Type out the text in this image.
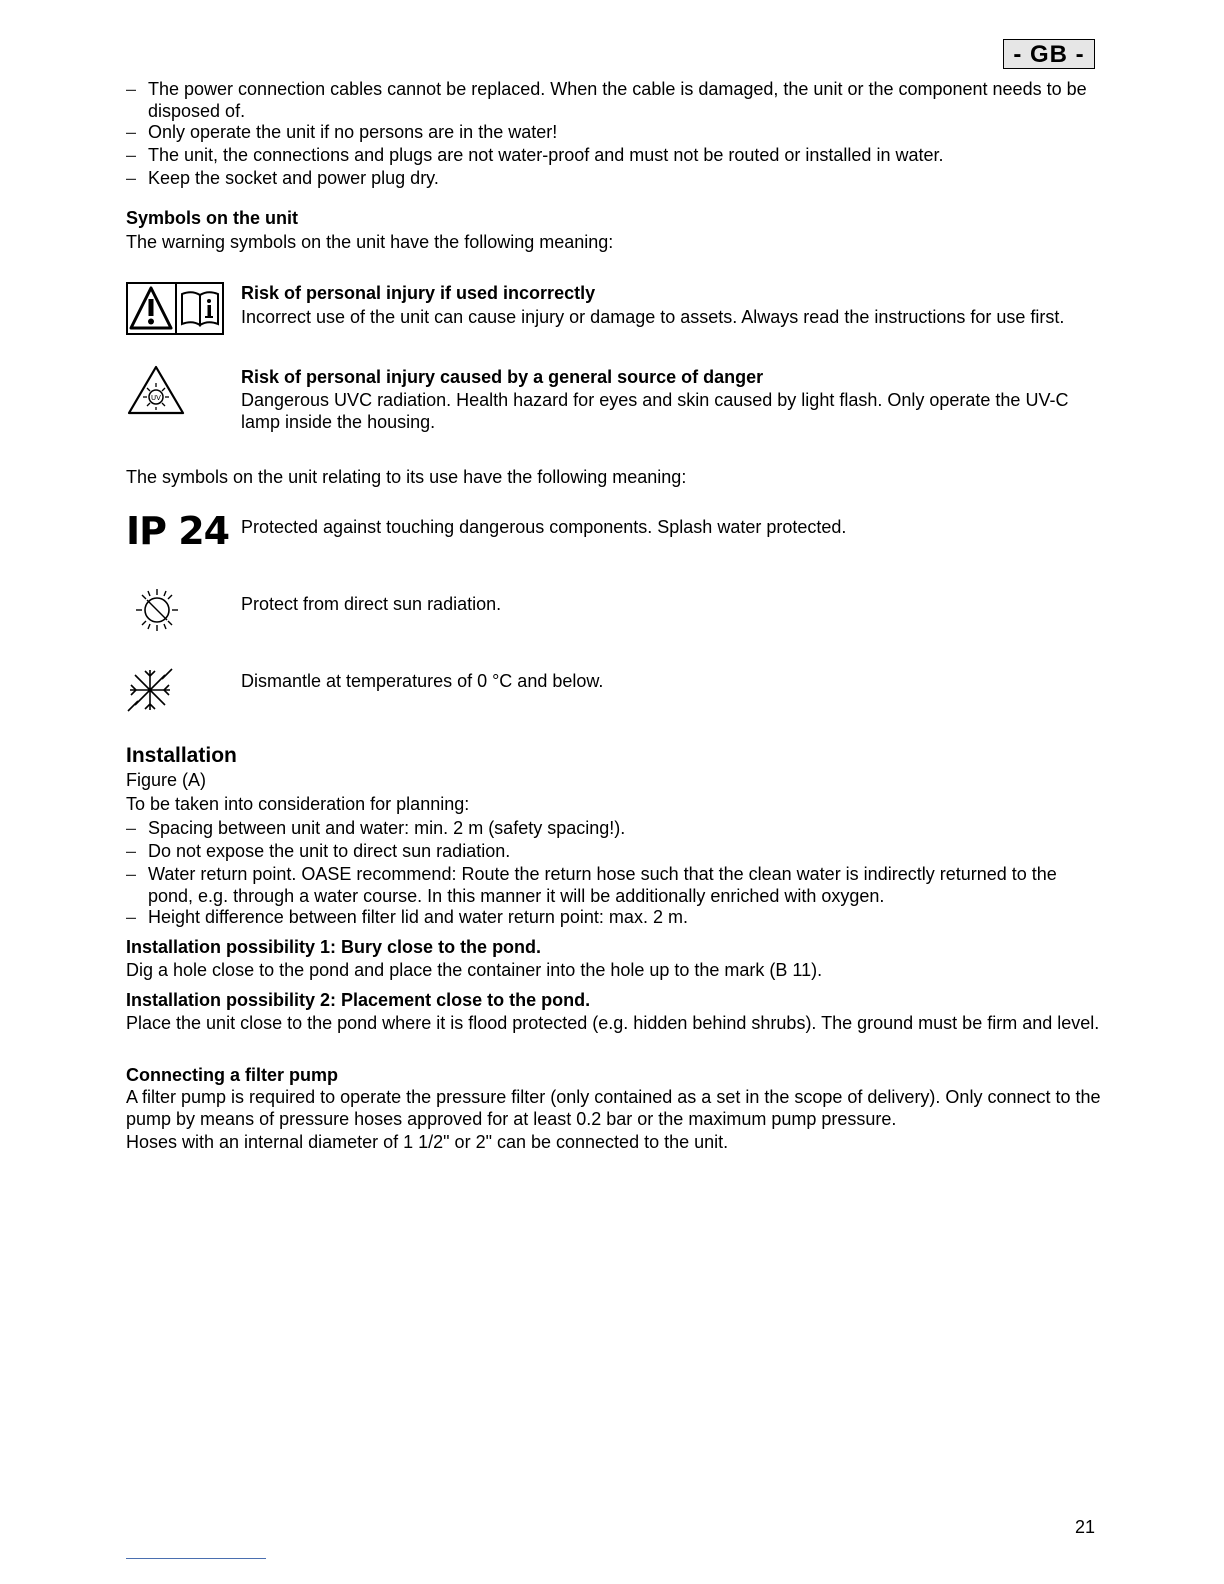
- GB -
– The power connection cables cannot be replaced. When the cable is damaged, the unit or the component needs to be disposed of.
– Only operate the unit if no persons are in the water!
– The unit, the connections and plugs are not water-proof and must not be routed or installed in water.
– Keep the socket and power plug dry.
Symbols on the unit
The warning symbols on the unit have the following meaning:
Risk of personal injury if used incorrectly
Incorrect use of the unit can cause injury or damage to assets. Always read the instructions for use first.
UV
Risk of personal injury caused by a general source of danger
Dangerous UVC radiation. Health hazard for eyes and skin caused by light flash. Only operate the UV-C lamp inside the housing.
The symbols on the unit relating to its use have the following meaning:
IP 24 Protected against touching dangerous components. Splash water protected.
Protect from direct sun radiation.
Dismantle at temperatures of 0 °C and below.
Installation
Figure (A)
To be taken into consideration for planning:
– Spacing between unit and water: min. 2 m (safety spacing!).
– Do not expose the unit to direct sun radiation.
– Water return point. OASE recommend: Route the return hose such that the clean water is indirectly returned to the pond, e.g. through a water course. In this manner it will be additionally enriched with oxygen.
– Height difference between filter lid and water return point: max. 2 m.
Installation possibility 1: Bury close to the pond.
Dig a hole close to the pond and place the container into the hole up to the mark (B 11).
Installation possibility 2: Placement close to the pond.
Place the unit close to the pond where it is flood protected (e.g. hidden behind shrubs). The ground must be firm and level.
Connecting a filter pump
A filter pump is required to operate the pressure filter (only contained as a set in the scope of delivery). Only connect to the pump by means of pressure hoses approved for at least 0.2 bar or the maximum pump pressure.
Hoses with an internal diameter of 1 1/2" or 2" can be connected to the unit.
21
